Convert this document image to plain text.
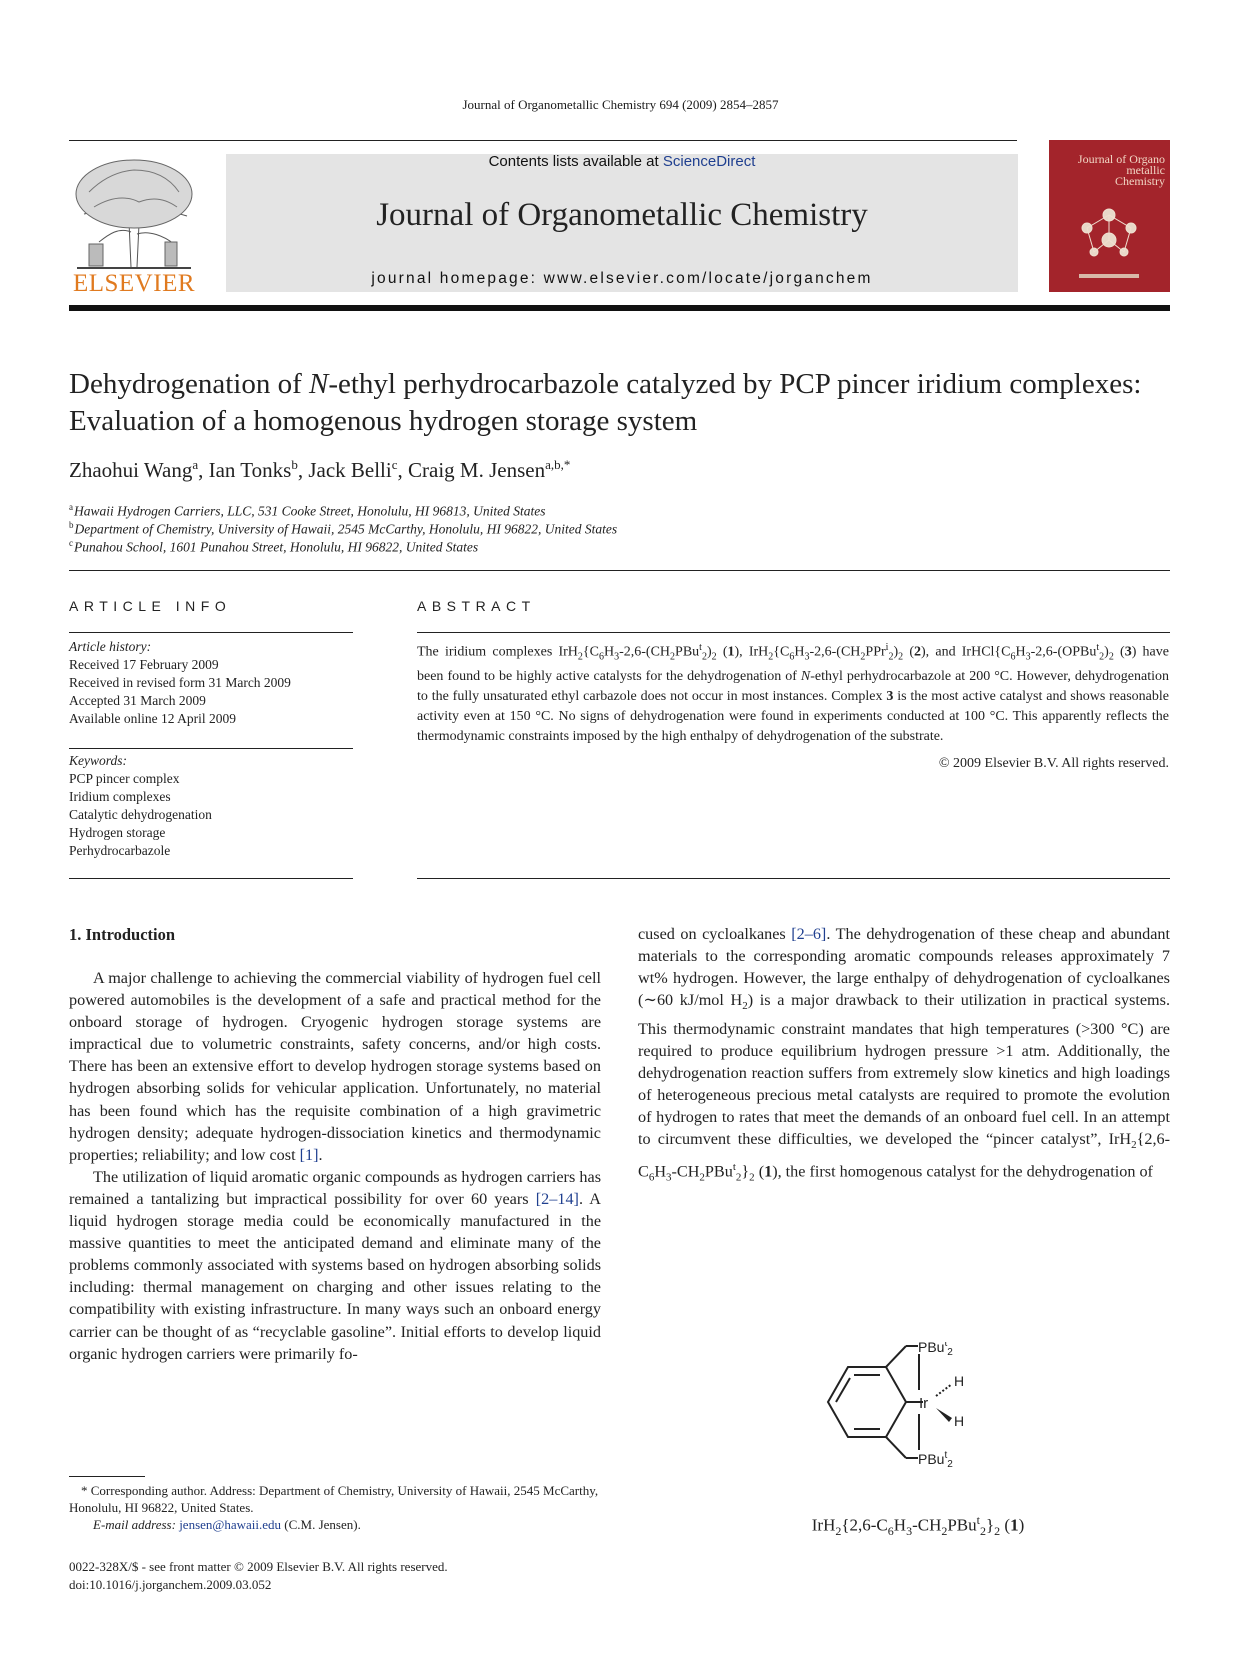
Journal of Organometallic Chemistry 694 (2009) 2854–2857
ELSEVIER
Contents lists available at ScienceDirect
Journal of Organometallic Chemistry
journal homepage: www.elsevier.com/locate/jorganchem
Journal of Organo metallic Chemistry
Dehydrogenation of N-ethyl perhydrocarbazole catalyzed by PCP pincer iridium complexes: Evaluation of a homogenous hydrogen storage system
Zhaohui Wang$^a$, Ian Tonks$^b$, Jack Belli$^c$, Craig M. Jensen$^{a,b,*}$
$^a$Hawaii Hydrogen Carriers, LLC, 531 Cooke Street, Honolulu, HI 96813, United States
$^b$Department of Chemistry, University of Hawaii, 2545 McCarthy, Honolulu, HI 96822, United States
$^c$Punahou School, 1601 Punahou Street, Honolulu, HI 96822, United States
ARTICLE INFO
Article history:
Received 17 February 2009
Received in revised form 31 March 2009
Accepted 31 March 2009
Available online 12 April 2009
Keywords:
PCP pincer complex
Iridium complexes
Catalytic dehydrogenation
Hydrogen storage
Perhydrocarbazole
ABSTRACT
The iridium complexes $IrH_2\{C_6H_3-2,6-(CH_2PBu^t_2)_2$ (1), $IrH_2\{C_6H_3-2,6-(CH_2PPr^i_2)_2$ (2), and $IrHCl\{C_6H_3-2,6-(OPBu^t_2)_2$ (3) have been found to be highly active catalysts for the dehydrogenation of N-ethyl perhydrocarbazole at 200 °C. However, dehydrogenation to the fully unsaturated ethyl carbazole does not occur in most instances. Complex 3 is the most active catalyst and shows reasonable activity even at 150 °C. No signs of dehydrogenation were found in experiments conducted at 100 °C. This apparently reflects the thermodynamic constraints imposed by the high enthalpy of dehydrogenation of the substrate.
© 2009 Elsevier B.V. All rights reserved.
1. Introduction
A major challenge to achieving the commercial viability of hydrogen fuel cell powered automobiles is the development of a safe and practical method for the onboard storage of hydrogen. Cryogenic hydrogen storage systems are impractical due to volumetric constraints, safety concerns, and/or high costs. There has been an extensive effort to develop hydrogen storage systems based on hydrogen absorbing solids for vehicular application. Unfortunately, no material has been found which has the requisite combination of a high gravimetric hydrogen density; adequate hydrogen-dissociation kinetics and thermodynamic properties; reliability; and low cost [1].
The utilization of liquid aromatic organic compounds as hydrogen carriers has remained a tantalizing but impractical possibility for over 60 years [2–14]. A liquid hydrogen storage media could be economically manufactured in the massive quantities to meet the anticipated demand and eliminate many of the problems commonly associated with systems based on hydrogen absorbing solids including: thermal management on charging and other issues relating to the compatibility with existing infrastructure. In many ways such an onboard energy carrier can be thought of as “recyclable gasoline”. Initial efforts to develop liquid organic hydrogen carriers were primarily fo-
* Corresponding author. Address: Department of Chemistry, University of Hawaii, 2545 McCarthy, Honolulu, HI 96822, United States.
E-mail address: jensen@hawaii.edu (C.M. Jensen).
0022-328X/$ - see front matter © 2009 Elsevier B.V. All rights reserved.
doi:10.1016/j.jorganchem.2009.03.052
cused on cycloalkanes [2–6]. The dehydrogenation of these cheap and abundant materials to the corresponding aromatic compounds releases approximately 7 wt% hydrogen. However, the large enthalpy of dehydrogenation of cycloalkanes (∼60 kJ/mol $H_2$) is a major drawback to their utilization in practical systems. This thermodynamic constraint mandates that high temperatures (>300 °C) are required to produce equilibrium hydrogen pressure >1 atm. Additionally, the dehydrogenation reaction suffers from extremely slow kinetics and high loadings of heterogeneous precious metal catalysts are required to promote the evolution of hydrogen to rates that meet the demands of an onboard fuel cell. In an attempt to circumvent these difficulties, we developed the “pincer catalyst”, $IrH_2\{2,6-C_6H_3-CH_2PBu^t_2\}_2$ (1), the first homogenous catalyst for the dehydrogenation of
PBu$^t_2$
Ir
H
H
PBu$^t_2$
$IrH_2\{2,6-C_6H_3-CH_2PBu^t_2\}_2$ (1)
